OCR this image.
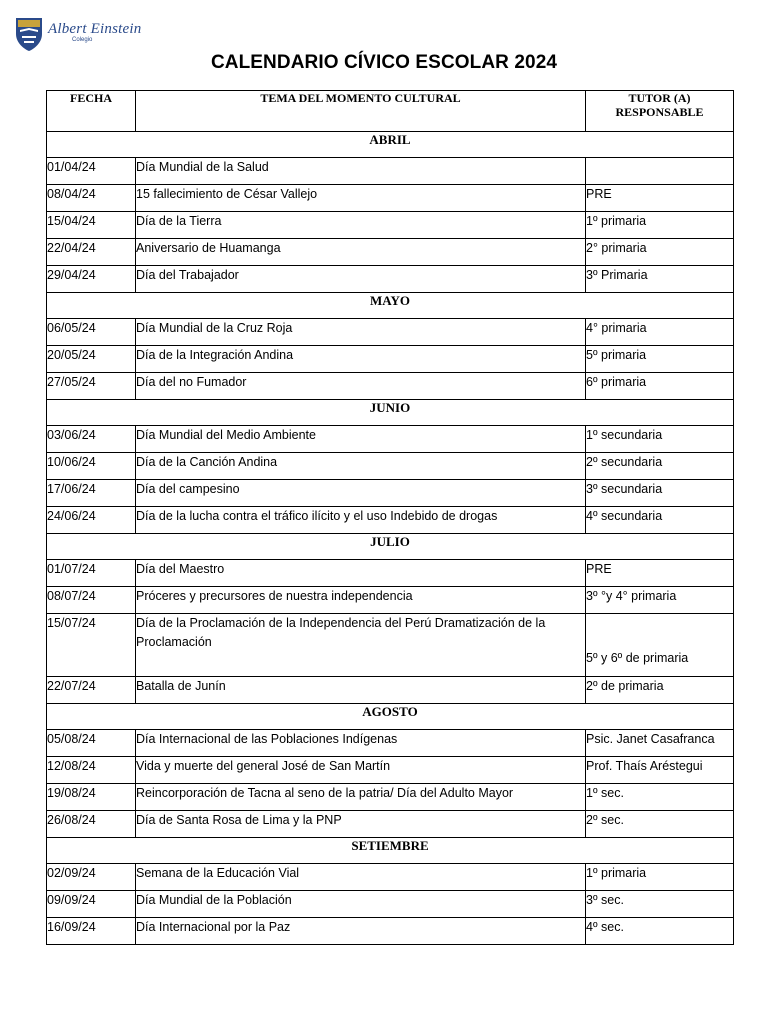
Albert Einstein
Colegio
CALENDARIO CÍVICO ESCOLAR 2024
FECHA	TEMA DEL MOMENTO CULTURAL	TUTOR (A)
RESPONSABLE
ABRIL		
01/04/24	Día Mundial de la Salud	
08/04/24	15 fallecimiento de César Vallejo	PRE
15/04/24	Día de la Tierra	1º primaria
22/04/24	Aniversario de Huamanga	2° primaria
29/04/24	Día del Trabajador	3º Primaria
MAYO		
06/05/24	Día Mundial de la Cruz Roja	4° primaria
20/05/24	Día de la Integración Andina	5º primaria
27/05/24	Día del no Fumador	6º primaria
JUNIO		
03/06/24	Día Mundial del Medio Ambiente	1º secundaria
10/06/24	Día de la Canción Andina	2º secundaria
17/06/24	Día del campesino	3º secundaria
24/06/24	Día de la lucha contra el tráfico ilícito y el uso Indebido de drogas	4º secundaria
JULIO		
01/07/24	Día del Maestro	PRE
08/07/24	Próceres y precursores de nuestra independencia	3º °y 4° primaria
15/07/24	Día de la Proclamación de la Independencia del Perú Dramatización de la Proclamación	5º y 6º de primaria
22/07/24	Batalla de Junín	2º de primaria
AGOSTO		
05/08/24	Día Internacional de las Poblaciones Indígenas	Psic. Janet Casafranca
12/08/24	Vida y muerte del general José de San Martín	Prof. Thaís Aréstegui
19/08/24	Reincorporación de Tacna al seno de la patria/ Día del Adulto Mayor	1º sec.
26/08/24	Día de Santa Rosa de Lima y la PNP	2º sec.
SETIEMBRE		
02/09/24	Semana de la Educación Vial	1º primaria
09/09/24	Día Mundial de la Población	3º sec.
16/09/24	Día Internacional por la Paz	4º sec.
